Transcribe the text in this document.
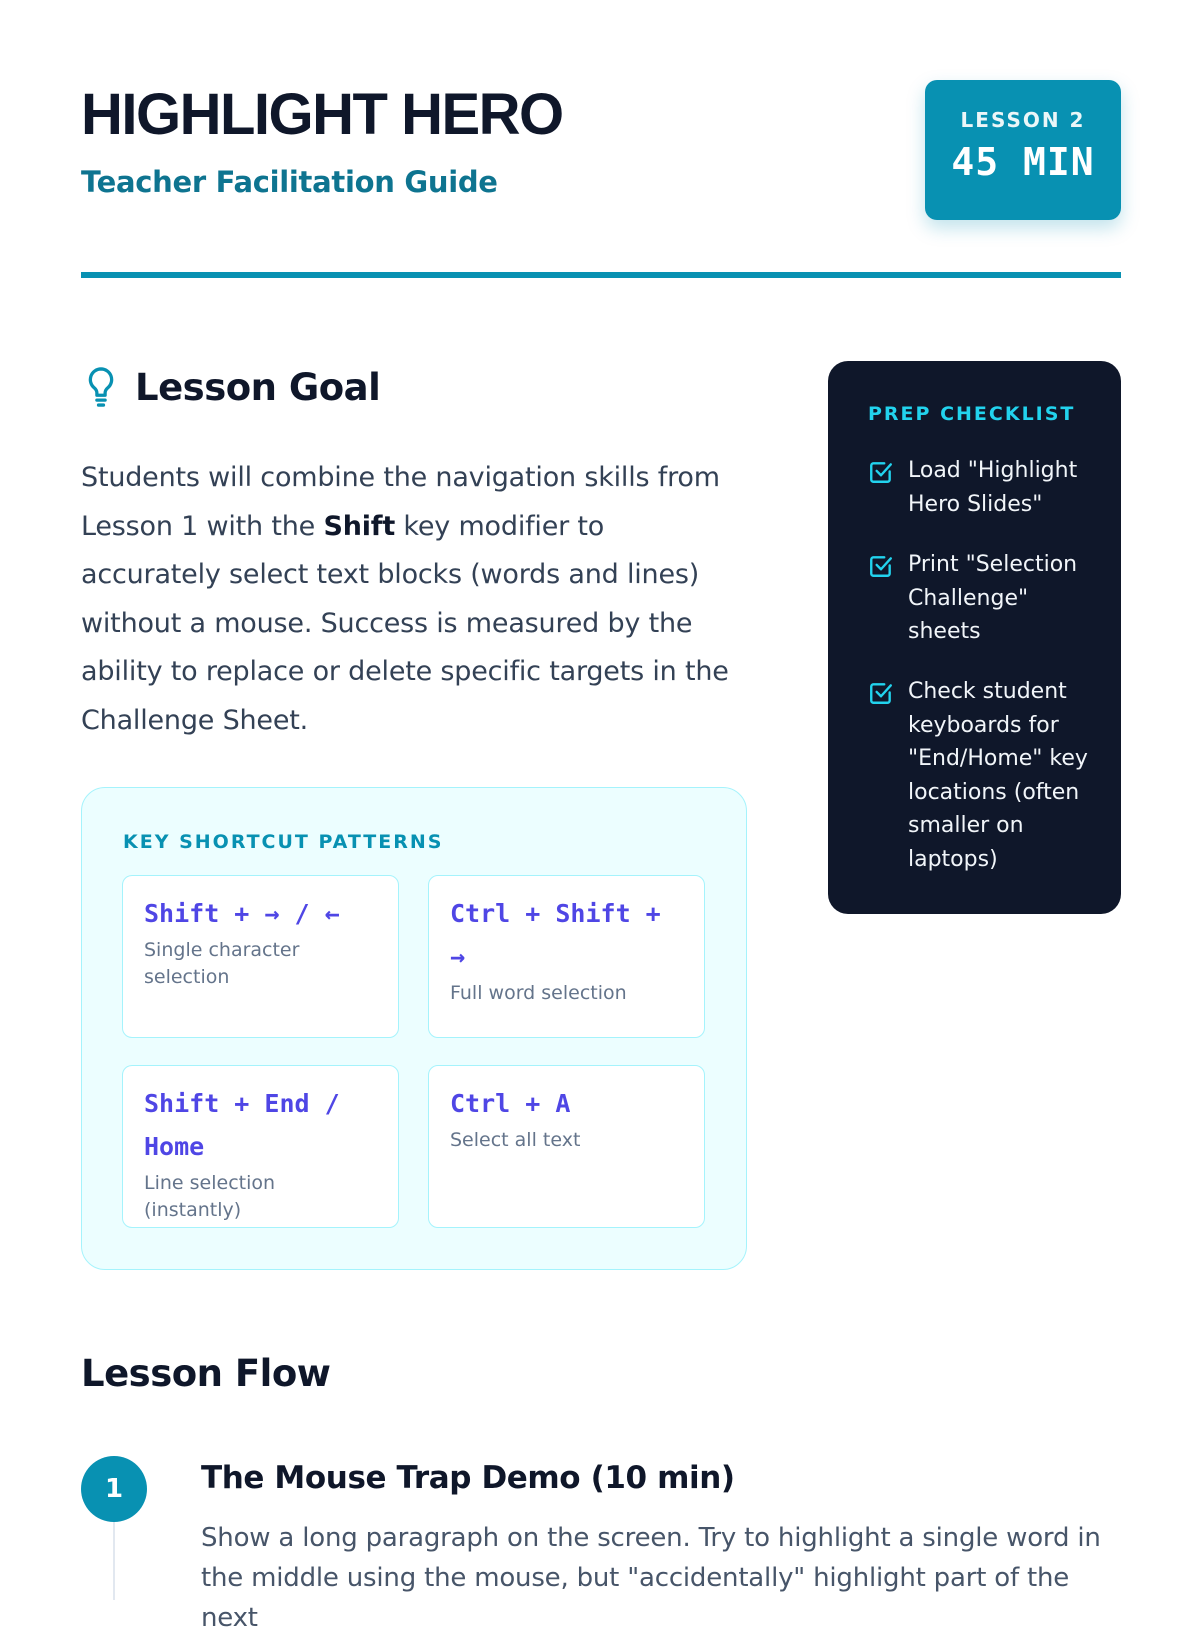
HIGHLIGHT HERO
Teacher Facilitation Guide
LESSON 2
45 MIN
Lesson Goal
Students will combine the navigation skills from Lesson 1 with the Shift key modifier to accurately select text blocks (words and lines) without a mouse. Success is measured by the ability to replace or delete specific targets in the Challenge Sheet.
KEY SHORTCUT PATTERNS
Shift + → / ←
Single character selection
Ctrl + Shift + →
Full word selection
Shift + End / Home
Line selection (instantly)
Ctrl + A
Select all text
PREP CHECKLIST
Load "Highlight Hero Slides"
Print "Selection Challenge" sheets
Check student keyboards for "End/Home" key locations (often smaller on laptops)
Lesson Flow
1	The Mouse Trap Demo (10 min)
Show a long paragraph on the screen. Try to highlight a single word in the middle using the mouse, but "accidentally" highlight part of the next
